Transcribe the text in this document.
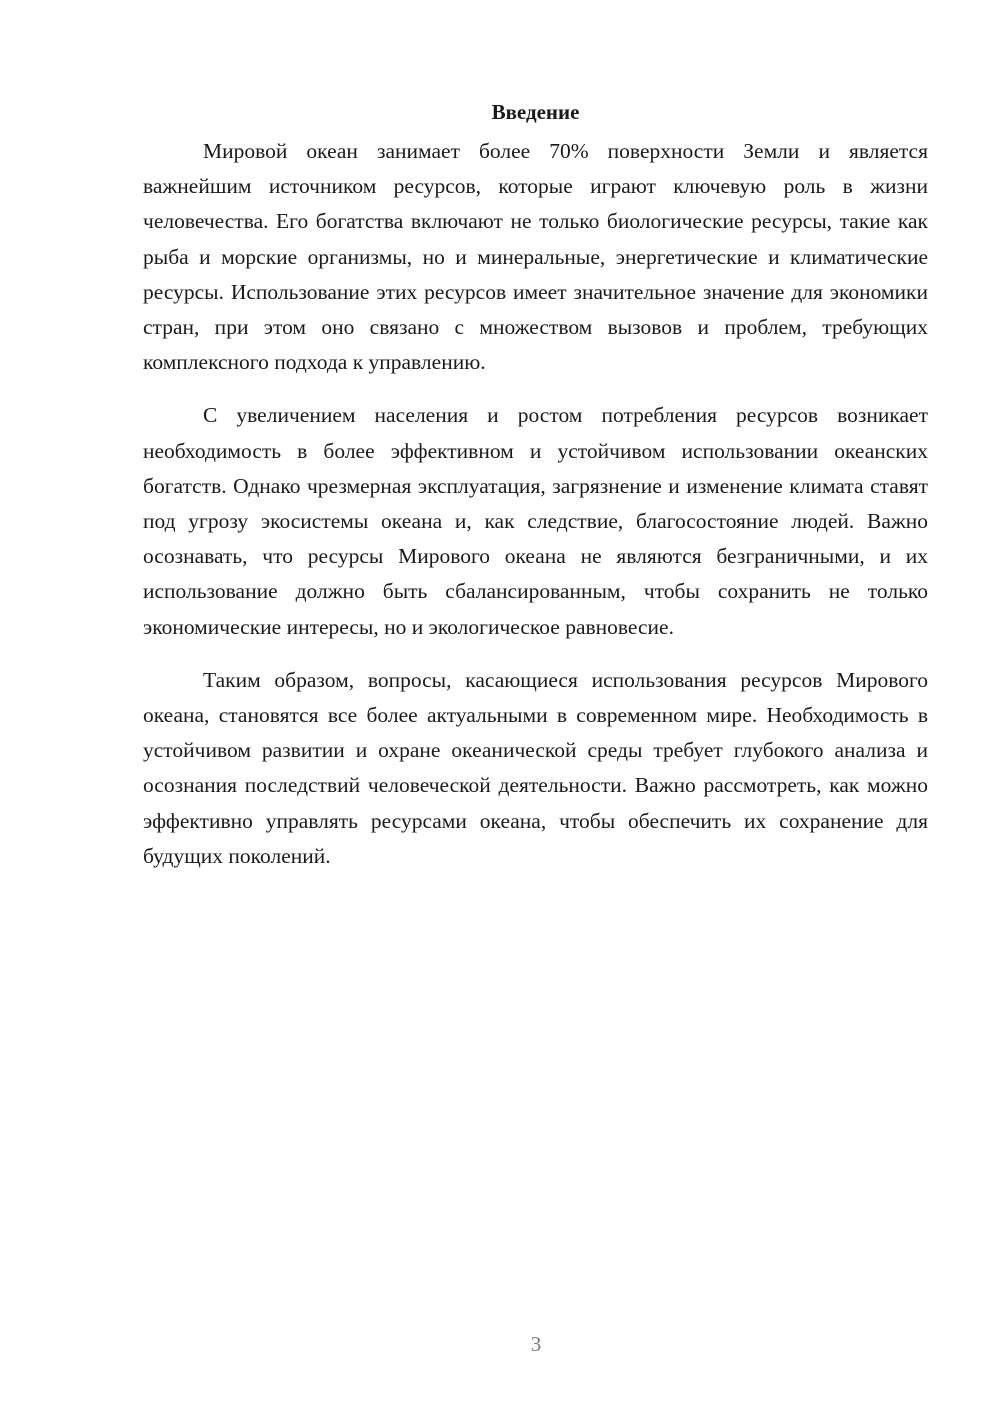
Введение

Мировой океан занимает более 70% поверхности Земли и является важнейшим источником ресурсов, которые играют ключевую роль в жизни человечества. Его богатства включают не только биологические ресурсы, такие как рыба и морские организмы, но и минеральные, энергетические и климатические ресурсы. Использование этих ресурсов имеет значительное значение для экономики стран, при этом оно связано с множеством вызовов и проблем, требующих комплексного подхода к управлению.

С увеличением населения и ростом потребления ресурсов возникает необходимость в более эффективном и устойчивом использовании океанских богатств. Однако чрезмерная эксплуатация, загрязнение и изменение климата ставят под угрозу экосистемы океана и, как следствие, благосостояние людей. Важно осознавать, что ресурсы Мирового океана не являются безграничными, и их использование должно быть сбалансированным, чтобы сохранить не только экономические интересы, но и экологическое равновесие.

Таким образом, вопросы, касающиеся использования ресурсов Мирового океана, становятся все более актуальными в современном мире. Необходимость в устойчивом развитии и охране океанической среды требует глубокого анализа и осознания последствий человеческой деятельности. Важно рассмотреть, как можно эффективно управлять ресурсами океана, чтобы обеспечить их сохранение для будущих поколений.

3
